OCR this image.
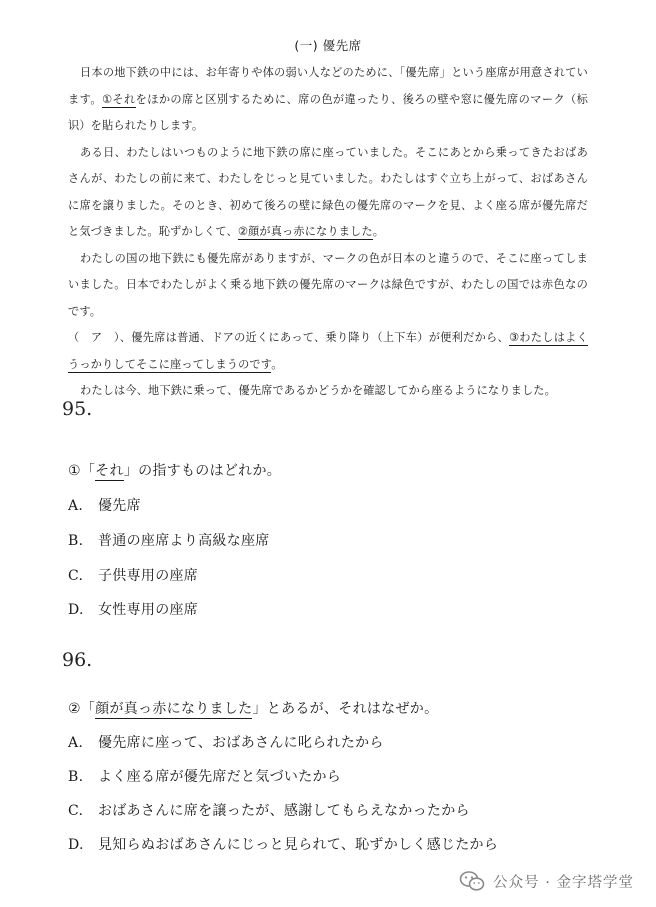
(一) 優先席

日本の地下鉄の中には、お年寄りや体の弱い人などのために、「優先席」という座席が用意されています。①それをほかの席と区別するために、席の色が違ったり、後ろの壁や窓に優先席のマーク（标识）を貼られたりします。

ある日、わたしはいつものように地下鉄の席に座っていました。そこにあとから乗ってきたおばあさんが、わたしの前に来て、わたしをじっと見ていました。わたしはすぐ立ち上がって、おばあさんに席を譲りました。そのとき、初めて後ろの壁に緑色の優先席のマークを見、よく座る席が優先席だと気づきました。恥ずかしくて、②顔が真っ赤になりました。

わたしの国の地下鉄にも優先席がありますが、マークの色が日本のと違うので、そこに座ってしまいました。日本でわたしがよく乗る地下鉄の優先席のマークは緑色ですが、わたしの国では赤色なのです。

（　ア　）、優先席は普通、ドアの近くにあって、乗り降り（上下车）が便利だから、③わたしはよくうっかりしてそこに座ってしまうのです。

わたしは今、地下鉄に乗って、優先席であるかどうかを確認してから座るようになりました。

95.
①「それ」の指すものはどれか。
A. 優先席
B. 普通の座席より高級な座席
C. 子供専用の座席
D. 女性専用の座席
96.
②「顔が真っ赤になりました」とあるが、それはなぜか。
A. 優先席に座って、おばあさんに叱られたから
B. よく座る席が優先席だと気づいたから
C. おばあさんに席を譲ったが、感謝してもらえなかったから
D. 見知らぬおばあさんにじっと見られて、恥ずかしく感じたから
公众号 · 金字塔学堂
